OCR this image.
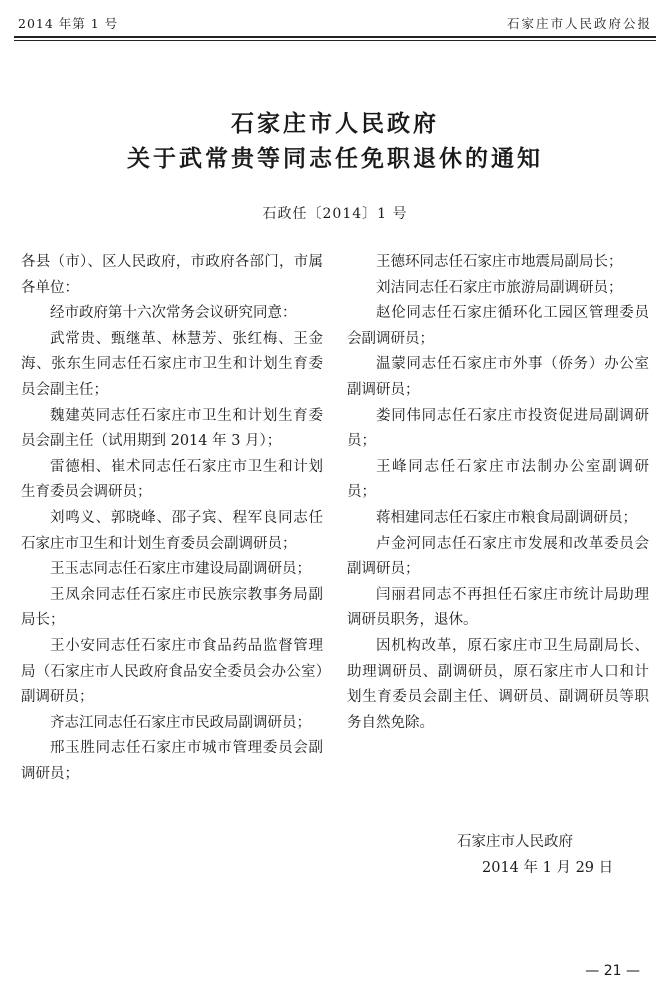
2014 年第 1 号	石家庄市人民政府公报
石家庄市人民政府
关于武常贵等同志任免职退休的通知
石政任〔2014〕1 号

各县（市）、区人民政府，市政府各部门，市属各单位：

经市政府第十六次常务会议研究同意：

武常贵、甄继革、林慧芳、张红梅、王金海、张东生同志任石家庄市卫生和计划生育委员会副主任；

魏建英同志任石家庄市卫生和计划生育委员会副主任（试用期到 2014 年 3 月）；

雷德相、崔术同志任石家庄市卫生和计划生育委员会调研员；

刘鸣义、郭晓峰、邵子宾、程军良同志任石家庄市卫生和计划生育委员会副调研员；

王玉志同志任石家庄市建设局副调研员；

王凤余同志任石家庄市民族宗教事务局副局长；

王小安同志任石家庄市食品药品监督管理局（石家庄市人民政府食品安全委员会办公室）副调研员；

齐志江同志任石家庄市民政局副调研员；

邢玉胜同志任石家庄市城市管理委员会副调研员；

王德环同志任石家庄市地震局副局长；

刘洁同志任石家庄市旅游局副调研员；

赵伦同志任石家庄循环化工园区管理委员会副调研员；

温蒙同志任石家庄市外事（侨务）办公室副调研员；

娄同伟同志任石家庄市投资促进局副调研员；

王峰同志任石家庄市法制办公室副调研员；

蒋相建同志任石家庄市粮食局副调研员；

卢金河同志任石家庄市发展和改革委员会副调研员；

闫丽君同志不再担任石家庄市统计局助理调研员职务，退休。

因机构改革，原石家庄市卫生局副局长、助理调研员、副调研员，原石家庄市人口和计划生育委员会副主任、调研员、副调研员等职务自然免除。

石家庄市人民政府
2014 年 1 月 29 日
— 21 —
